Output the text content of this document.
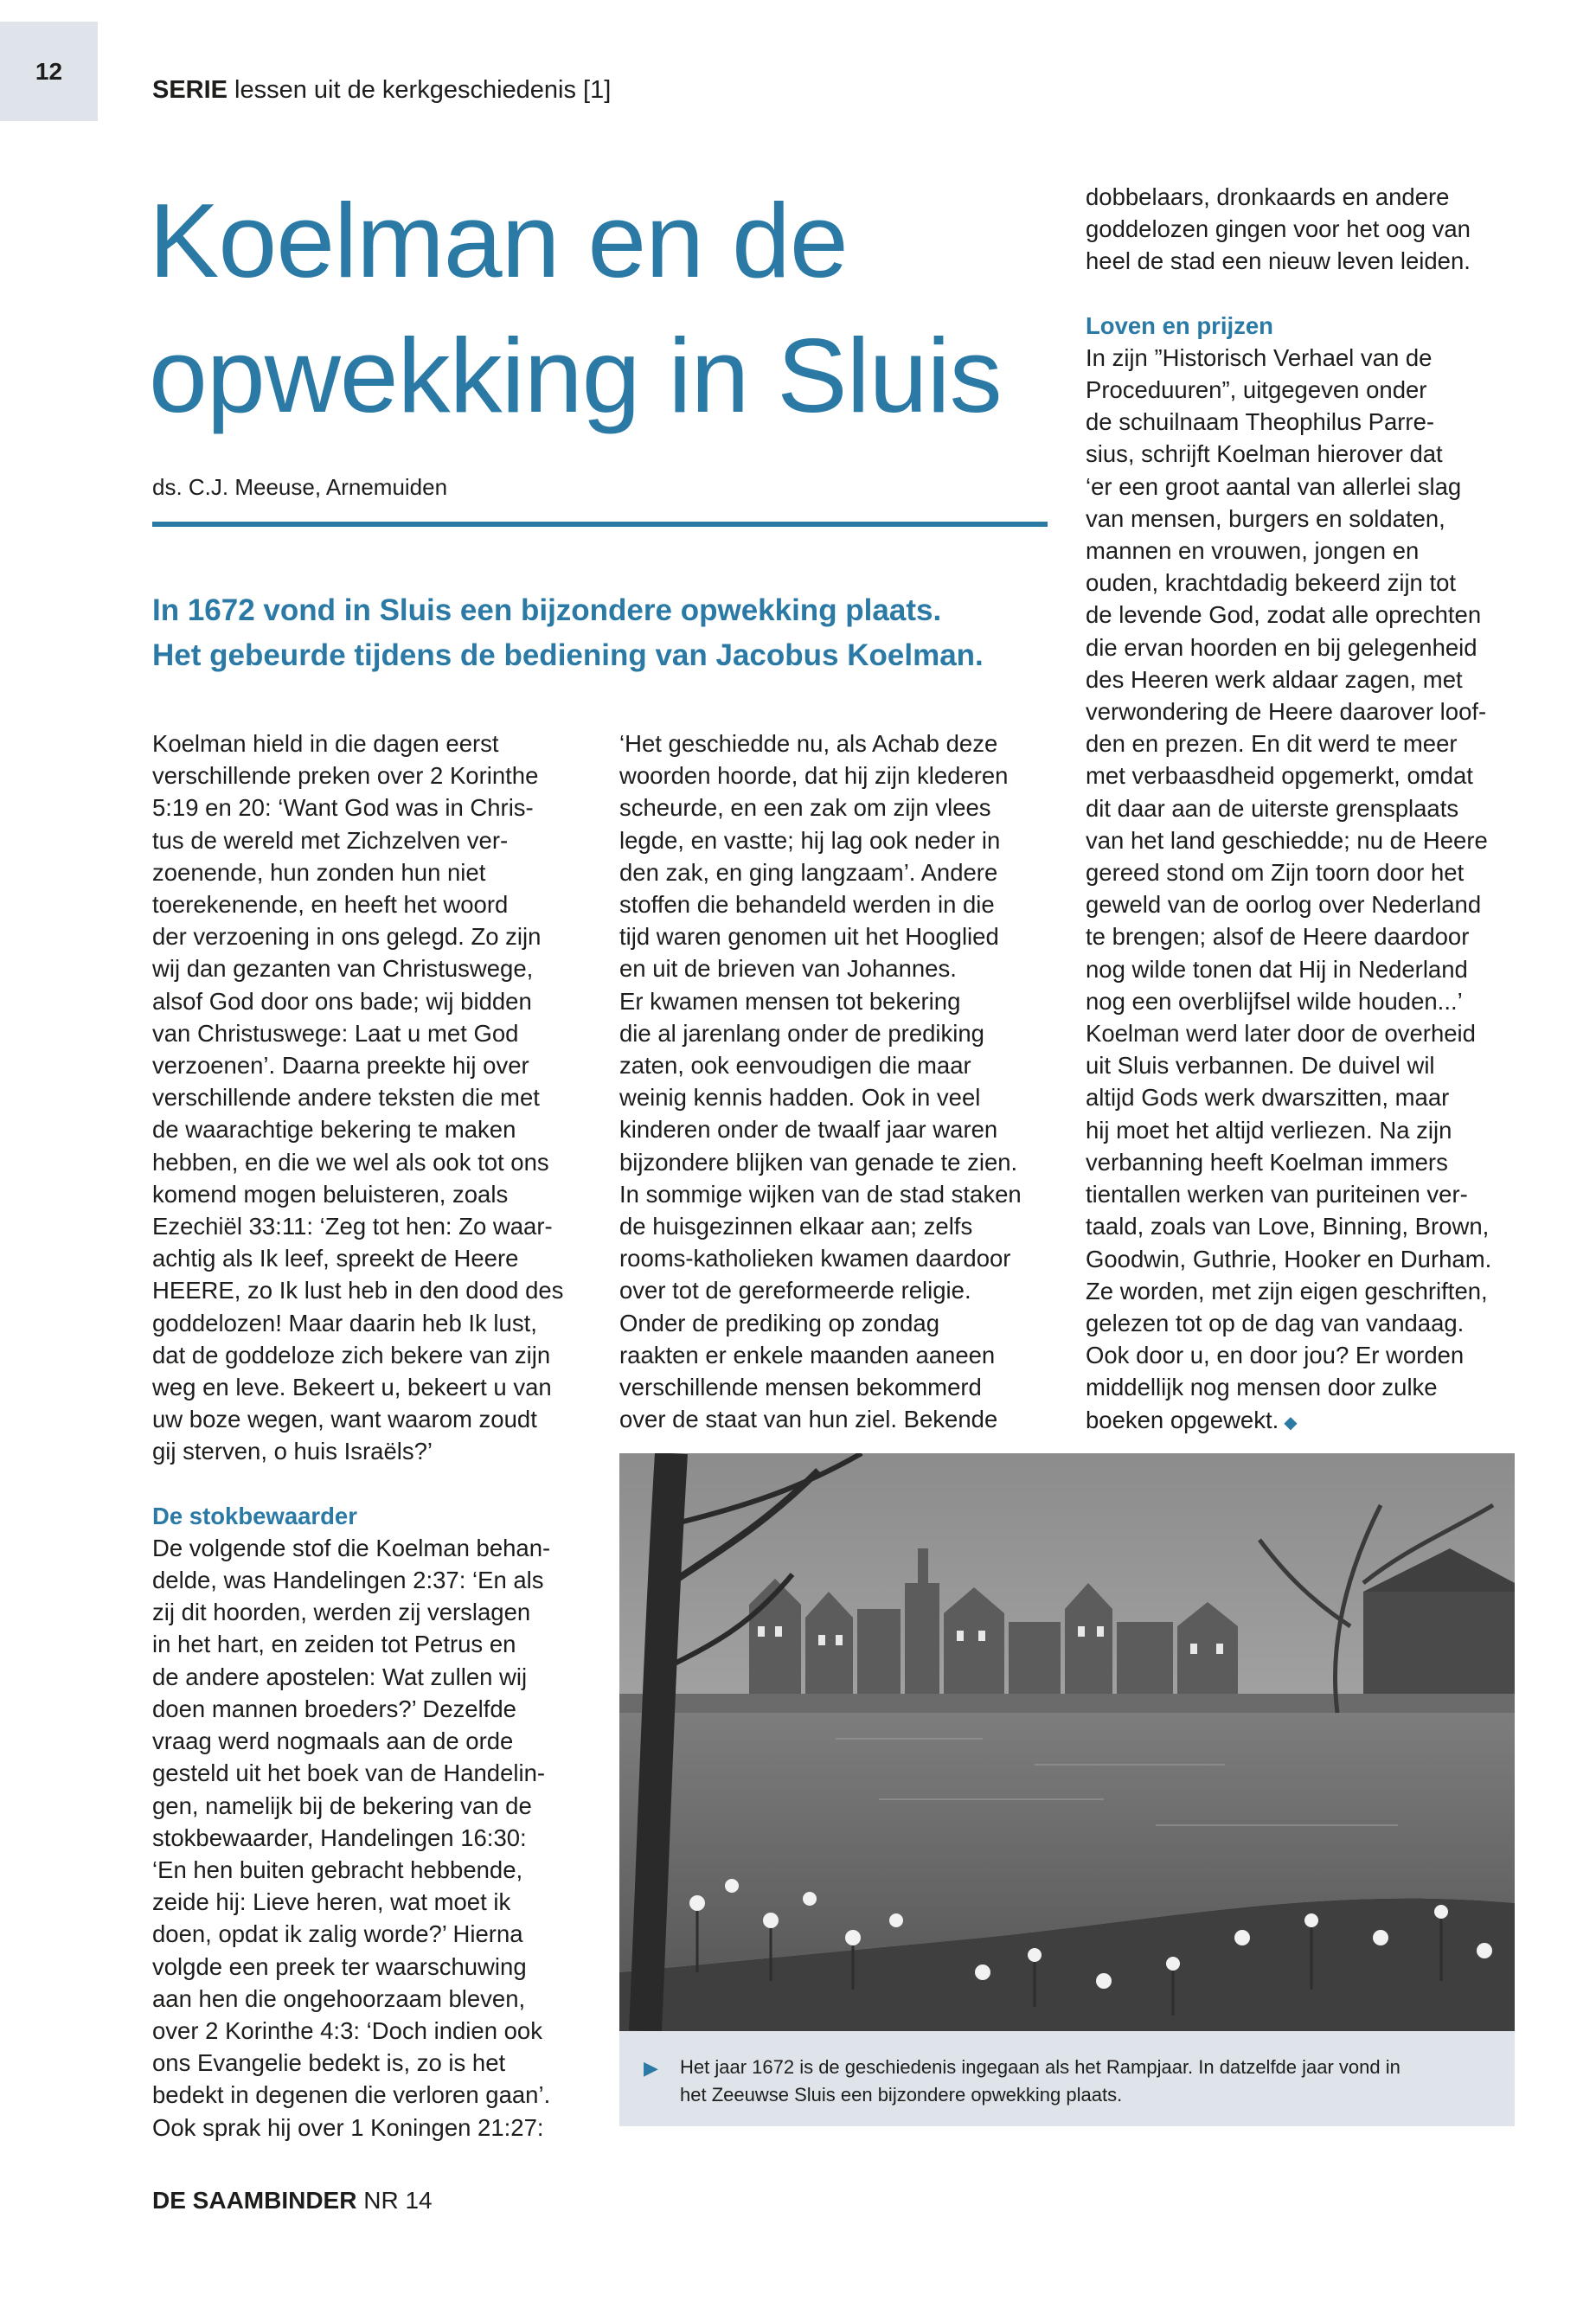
12
SERIE lessen uit de kerkgeschiedenis [1]
Koelman en de
opwekking in Sluis
ds. C.J. Meeuse, Arnemuiden

In 1672 vond in Sluis een bijzondere opwekking plaats.
Het gebeurde tijdens de bediening van Jacobus Koelman.

Koelman hield in die dagen eerst
verschillende preken over 2 Korinthe
5:19 en 20: ‘Want God was in Chris-
tus de wereld met Zichzelven ver-
zoenende, hun zonden hun niet
toerekenende, en heeft het woord
der verzoening in ons gelegd. Zo zijn
wij dan gezanten van Christuswege,
alsof God door ons bade; wij bidden
van Christuswege: Laat u met God
verzoenen’. Daarna preekte hij over
verschillende andere teksten die met
de waarachtige bekering te maken
hebben, en die we wel als ook tot ons
komend mogen beluisteren, zoals
Ezechiël 33:11: ‘Zeg tot hen: Zo waar-
achtig als Ik leef, spreekt de Heere
HEERE, zo Ik lust heb in den dood des
goddelozen! Maar daarin heb Ik lust,
dat de goddeloze zich bekere van zijn
weg en leve. Bekeert u, bekeert u van
uw boze wegen, want waarom zoudt
gij sterven, o huis Israëls?’

De stokbewaarder

De volgende stof die Koelman behan-
delde, was Handelingen 2:37: ‘En als
zij dit hoorden, werden zij verslagen
in het hart, en zeiden tot Petrus en
de andere apostelen: Wat zullen wij
doen mannen broeders?’ Dezelfde
vraag werd nogmaals aan de orde
gesteld uit het boek van de Handelin-
gen, namelijk bij de bekering van de
stokbewaarder, Handelingen 16:30:
‘En hen buiten gebracht hebbende,
zeide hij: Lieve heren, wat moet ik
doen, opdat ik zalig worde?’ Hierna
volgde een preek ter waarschuwing
aan hen die ongehoorzaam bleven,
over 2 Korinthe 4:3: ‘Doch indien ook
ons Evangelie bedekt is, zo is het
bedekt in degenen die verloren gaan’.
Ook sprak hij over 1 Koningen 21:27:

‘Het geschiedde nu, als Achab deze
woorden hoorde, dat hij zijn klederen
scheurde, en een zak om zijn vlees
legde, en vastte; hij lag ook neder in
den zak, en ging langzaam’. Andere
stoffen die behandeld werden in die
tijd waren genomen uit het Hooglied
en uit de brieven van Johannes.

Er kwamen mensen tot bekering
die al jarenlang onder de prediking
zaten, ook eenvoudigen die maar
weinig kennis hadden. Ook in veel
kinderen onder de twaalf jaar waren
bijzondere blijken van genade te zien.
In sommige wijken van de stad staken
de huisgezinnen elkaar aan; zelfs
rooms-katholieken kwamen daardoor
over tot de gereformeerde religie.
Onder de prediking op zondag
raakten er enkele maanden aaneen
verschillende mensen bekommerd
over de staat van hun ziel. Bekende

dobbelaars, dronkaards en andere
goddelozen gingen voor het oog van
heel de stad een nieuw leven leiden.

Loven en prijzen

In zijn ”Historisch Verhael van de
Proceduuren”, uitgegeven onder
de schuilnaam Theophilus Parre-
sius, schrijft Koelman hierover dat
‘er een groot aantal van allerlei slag
van mensen, burgers en soldaten,
mannen en vrouwen, jongen en
ouden, krachtdadig bekeerd zijn tot
de levende God, zodat alle oprechten
die ervan hoorden en bij gelegenheid
des Heeren werk aldaar zagen, met
verwondering de Heere daarover loof-
den en prezen. En dit werd te meer
met verbaasdheid opgemerkt, omdat
dit daar aan de uiterste grensplaats
van het land geschiedde; nu de Heere
gereed stond om Zijn toorn door het
geweld van de oorlog over Nederland
te brengen; alsof de Heere daardoor
nog wilde tonen dat Hij in Nederland
nog een overblijfsel wilde houden...’
Koelman werd later door de overheid
uit Sluis verbannen. De duivel wil
altijd Gods werk dwarszitten, maar
hij moet het altijd verliezen. Na zijn
verbanning heeft Koelman immers
tientallen werken van puriteinen ver-
taald, zoals van Love, Binning, Brown,
Goodwin, Guthrie, Hooker en Durham.
Ze worden, met zijn eigen geschriften,
gelezen tot op de dag van vandaag.
Ook door u, en door jou? Er worden
middellijk nog mensen door zulke
boeken opgewekt. ◆

▶ Het jaar 1672 is de geschiedenis ingegaan als het Rampjaar. In datzelfde jaar vond in
het Zeeuwse Sluis een bijzondere opwekking plaats.
DE SAAMBINDER NR 14
